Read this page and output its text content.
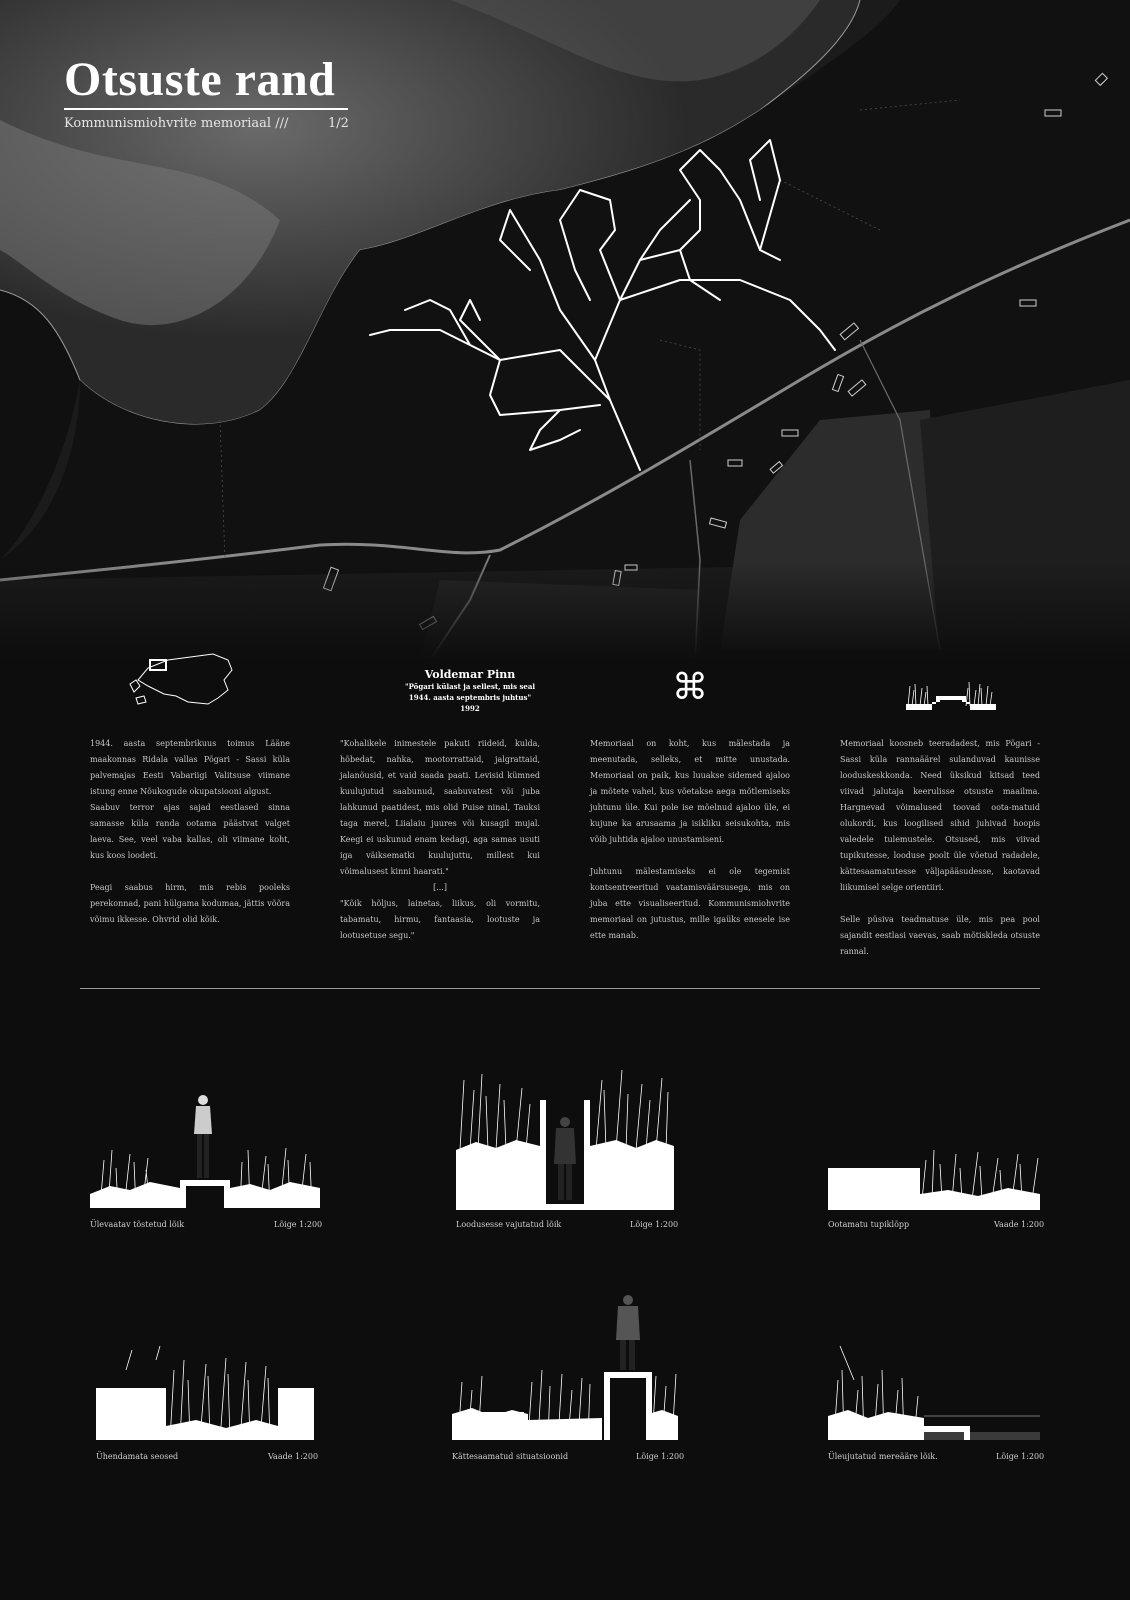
Otsuste rand
Kommunismiohvrite memoriaal ///	1/2
Voldemar Pinn
"Põgari külast ja sellest, mis seal
1944. aasta septembris juhtus"
1992
⌘

1944. aasta septembrikuus toimus Lääne maakonnas Ridala vallas Põgari - Sassi küla palvemajas Eesti Vabariigi Valitsuse viimane istung enne Nõukogude okupatsiooni algust.

Saabuv terror ajas sajad eestlased sinna samasse küla randa ootama päästvat valget laeva. See, veel vaba kallas, oli viimane koht, kus koos loodeti.

Peagi saabus hirm, mis rebis pooleks perekonnad, pani hülgama kodumaa, jättis võõra võimu ikkesse. Ohvrid olid kõik.

"Kohalikele inimestele pakuti riideid, kulda, hõbedat, nahka, mootorrattaid, jalgrattaid, jalanõusid, et vaid saada paati. Levisid kümned kuulujutud saabunud, saabuvatest või juba lahkunud paatidest, mis olid Puise ninal, Tauksi taga merel, Liialaiu juures või kusagil mujal. Keegi ei uskunud enam kedagi, aga samas usuti iga väiksematki kuulujuttu, millest kui võimalusest kinni haarati."

[...]

"Kõik hõljus, lainetas, liikus, oli vormitu, tabamatu, hirmu, fantaasia, lootuste ja lootusetuse segu."

Memoriaal on koht, kus mälestada ja meenutada, selleks, et mitte unustada. Memoriaal on paik, kus luuakse sidemed ajaloo ja mõtete vahel, kus võetakse aega mõtlemiseks juhtunu üle. Kui pole ise mõelnud ajaloo üle, ei kujune ka arusaama ja isikliku seisukohta, mis võib juhtida ajaloo unustamiseni.

Juhtunu mälestamiseks ei ole tegemist kontsentreeritud vaatamisväärsusega, mis on juba ette visualiseeritud. Kommunismiohvrite memoriaal on jutustus, mille igaüks enesele ise ette manab.

Memoriaal koosneb teeradadest, mis Põgari - Sassi küla rannaäärel sulanduvad kaunisse looduskeskkonda. Need üksikud kitsad teed viivad jalutaja keerulisse otsuste maailma. Hargnevad võimalused toovad oota-matuid olukordi, kus loogilised sihid juhivad hoopis valedele tulemustele. Otsused, mis viivad tupikutesse, looduse poolt üle võetud radadele, kättesaamatutesse väljapääsudesse, kaotavad liikumisel selge orientiiri.

Selle püsiva teadmatuse üle, mis pea pool sajandit eestlasi vaevas, saab mõtiskleda otsuste rannal.

Ülevaatav tõstetud lõik	Lõige 1:200	Loodusesse vajutatud lõik	Lõige 1:200	Ootamatu tupiklõpp	Vaade 1:200
Ühendamata seosed	Vaade 1:200	Kättesaamatud situatsioonid	Lõige 1:200	Üleujutatud mereääre lõik.	Lõige 1:200
